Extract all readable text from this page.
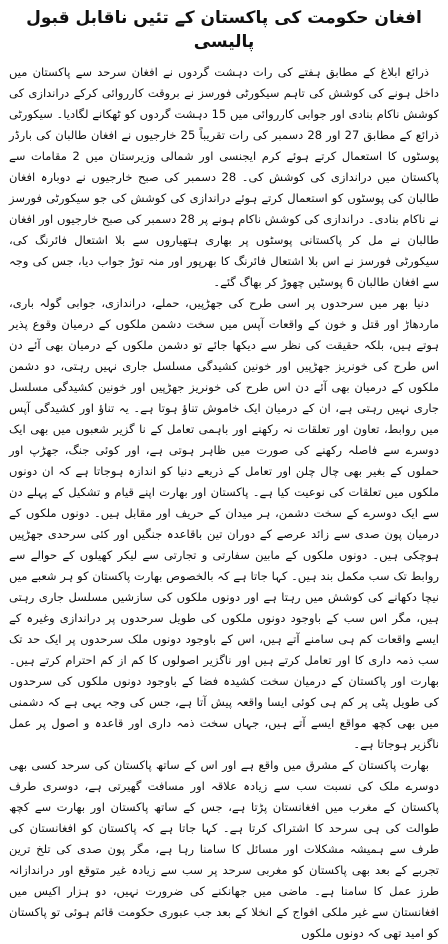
افغان حکومت کی پاکستان کے تئیں ناقابل قبول پالیسی

ذرائع ابلاغ کے مطابق ہفتے کی رات دہشت گردوں نے افغان سرحد سے پاکستان میں داخل ہونے کی کوشش کی تاہم سیکورٹی فورسز نے بروقت کارروائی کرکے دراندازی کی کوشش ناکام بنادی اور جوابی کارروائی میں 15 دہشت گردوں کو ٹھکانے لگادیا۔ سیکورٹی ذرائع کے مطابق 27 اور 28 دسمبر کی رات تقریباً 25 خارجیوں نے افغان طالبان کی بارڈر پوسٹوں کا استعمال کرتے ہوئے کرم ایجنسی اور شمالی وزیرستان میں 2 مقامات سے پاکستان میں دراندازی کی کوشش کی۔ 28 دسمبر کی صبح خارجیوں نے دوبارہ افغان طالبان کی پوسٹوں کو استعمال کرتے ہوئے دراندازی کی کوشش کی جو سیکورٹی فورسز نے ناکام بنادی۔ دراندازی کی کوشش ناکام ہونے پر 28 دسمبر کی صبح خارجیوں اور افغان طالبان نے مل کر پاکستانی پوسٹوں پر بھاری ہتھیاروں سے بلا اشتعال فائرنگ کی، سیکورٹی فورسز نے اس بلا اشتعال فائرنگ کا بھرپور اور منہ توڑ جواب دیا، جس کی وجہ سے افغان طالبان 6 پوسٹیں چھوڑ کر بھاگ گئے۔

دنیا بھر میں سرحدوں پر اسی طرح کی جھڑپیں، حملے، دراندازی، جوابی گولہ باری، ماردھاڑ اور قتل و خون کے واقعات آپس میں سخت دشمن ملکوں کے درمیان وقوع پذیر ہوتے ہیں، بلکہ حقیقت کی نظر سے دیکھا جائے تو دشمن ملکوں کے درمیان بھی آئے دن اس طرح کی خونریز جھڑپیں اور خونین کشیدگی مسلسل جاری نہیں رہتی، دو دشمن ملکوں کے درمیان بھی آئے دن اس طرح کی خونریز جھڑپیں اور خونین کشیدگی مسلسل جاری نہیں رہتی ہے، ان کے درمیان ایک خاموش تناؤ ہوتا ہے۔ یہ تناؤ اور کشیدگی آپس میں روابط، تعاون اور تعلقات نہ رکھنے اور باہمی تعامل کے نا گزیر شعبوں میں بھی ایک دوسرے سے فاصلہ رکھنے کی صورت میں ظاہر ہوتی ہے، اور کوئی جنگ، جھڑپ اور حملوں کے بغیر بھی چال چلن اور تعامل کے ذریعے دنیا کو اندازہ ہوجاتا ہے کہ ان دونوں ملکوں میں تعلقات کی نوعیت کیا ہے۔ پاکستان اور بھارت اپنے قیام و تشکیل کے پہلے دن سے ایک دوسرے کے سخت دشمن، ہر میدان کے حریف اور مقابل ہیں۔ دونوں ملکوں کے درمیان پون صدی سے زائد عرصے کے دوران تین باقاعدہ جنگیں اور کئی سرحدی جھڑپیں ہوچکی ہیں۔ دونوں ملکوں کے مابین سفارتی و تجارتی سے لیکر کھیلوں کے حوالے سے روابط تک سب مکمل بند ہیں۔ کہا جاتا ہے کہ بالخصوص بھارت پاکستان کو ہر شعبے میں نیچا دکھانے کی کوشش میں رہتا ہے اور دونوں ملکوں کی سازشیں مسلسل جاری رہتی ہیں، مگر اس سب کے باوجود دونوں ملکوں کی طویل سرحدوں پر دراندازی وغیرہ کے ایسے واقعات کم ہی سامنے آتے ہیں، اس کے باوجود دونوں ملک سرحدوں پر ایک حد تک سب ذمہ داری کا اور تعامل کرتے ہیں اور ناگزیر اصولوں کا کم از کم احترام کرتے ہیں۔ بھارت اور پاکستان کے درمیان سخت کشیدہ فضا کے باوجود دونوں ملکوں کی سرحدوں کی طویل پٹی پر کم ہی کوئی ایسا واقعہ پیش آتا ہے، جس کی وجہ یہی ہے کہ دشمنی میں بھی کچھ مواقع ایسے آتے ہیں، جہاں سخت ذمہ داری اور قاعدہ و اصول پر عمل ناگزیر ہوجاتا ہے۔

بھارت پاکستان کے مشرق میں واقع ہے اور اس کے ساتھ پاکستان کی سرحد کسی بھی دوسرے ملک کی نسبت سب سے زیادہ علاقہ اور مسافت گھیرتی ہے، دوسری طرف پاکستان کے مغرب میں افغانستان پڑتا ہے، جس کے ساتھ پاکستان اور بھارت سے کچھ طوالت کی ہی سرحد کا اشتراک کرتا ہے۔ کہا جاتا ہے کہ پاکستان کو افغانستان کی طرف سے ہمیشہ مشکلات اور مسائل کا سامنا رہا ہے، مگر پون صدی کی تلخ ترین تجربے کے بعد بھی پاکستان کو مغربی سرحد پر سب سے زیادہ غیر متوقع اور دراندازانہ طرز عمل کا سامنا ہے۔ ماضی میں جھانکنے کی ضرورت نہیں، دو ہزار اکیس میں افغانستان سے غیر ملکی افواج کے انخلا کے بعد جب عبوری حکومت قائم ہوئی تو پاکستان کو امید تھی کہ دونوں ملکوں
